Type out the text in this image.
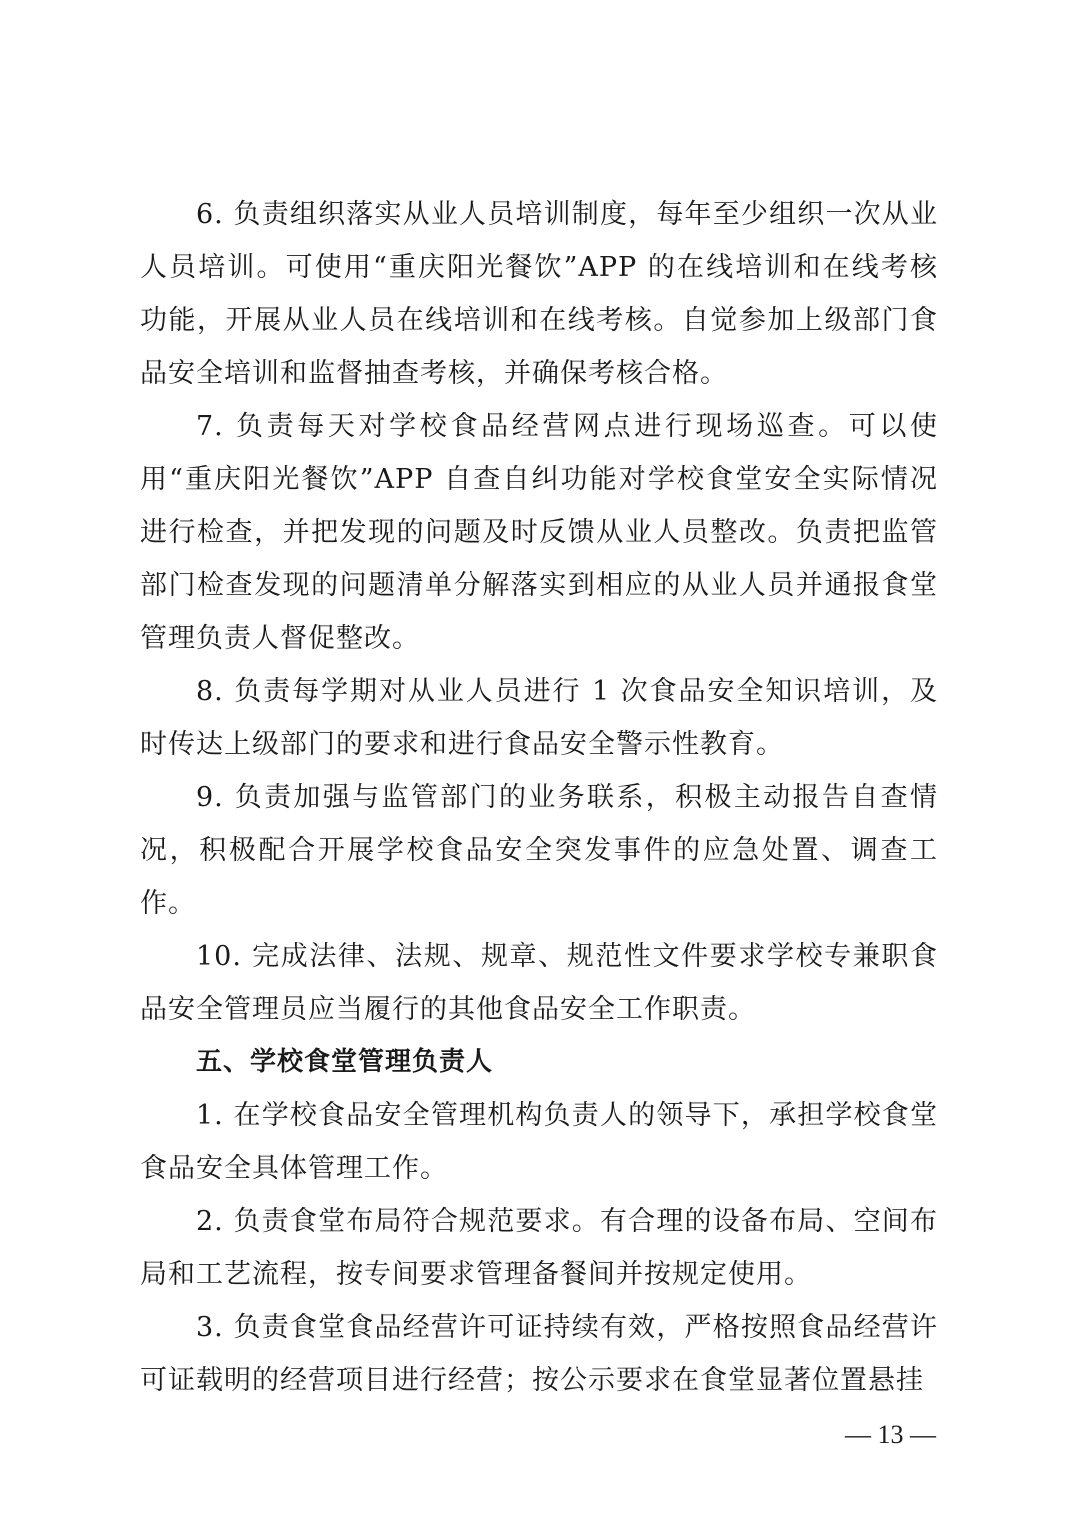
6. 负责组织落实从业人员培训制度，每年至少组织一次从业人员培训。可使用“重庆阳光餐饮”APP 的在线培训和在线考核功能，开展从业人员在线培训和在线考核。自觉参加上级部门食品安全培训和监督抽查考核，并确保考核合格。

7. 负责每天对学校食品经营网点进行现场巡查。可以使用“重庆阳光餐饮”APP 自查自纠功能对学校食堂安全实际情况进行检查，并把发现的问题及时反馈从业人员整改。负责把监管部门检查发现的问题清单分解落实到相应的从业人员并通报食堂管理负责人督促整改。

8. 负责每学期对从业人员进行 1 次食品安全知识培训，及时传达上级部门的要求和进行食品安全警示性教育。

9. 负责加强与监管部门的业务联系，积极主动报告自查情况，积极配合开展学校食品安全突发事件的应急处置、调查工作。

10. 完成法律、法规、规章、规范性文件要求学校专兼职食品安全管理员应当履行的其他食品安全工作职责。

五、学校食堂管理负责人

1. 在学校食品安全管理机构负责人的领导下，承担学校食堂食品安全具体管理工作。

2. 负责食堂布局符合规范要求。有合理的设备布局、空间布局和工艺流程，按专间要求管理备餐间并按规定使用。

3. 负责食堂食品经营许可证持续有效，严格按照食品经营许可证载明的经营项目进行经营；按公示要求在食堂显著位置悬挂

— 13 —
